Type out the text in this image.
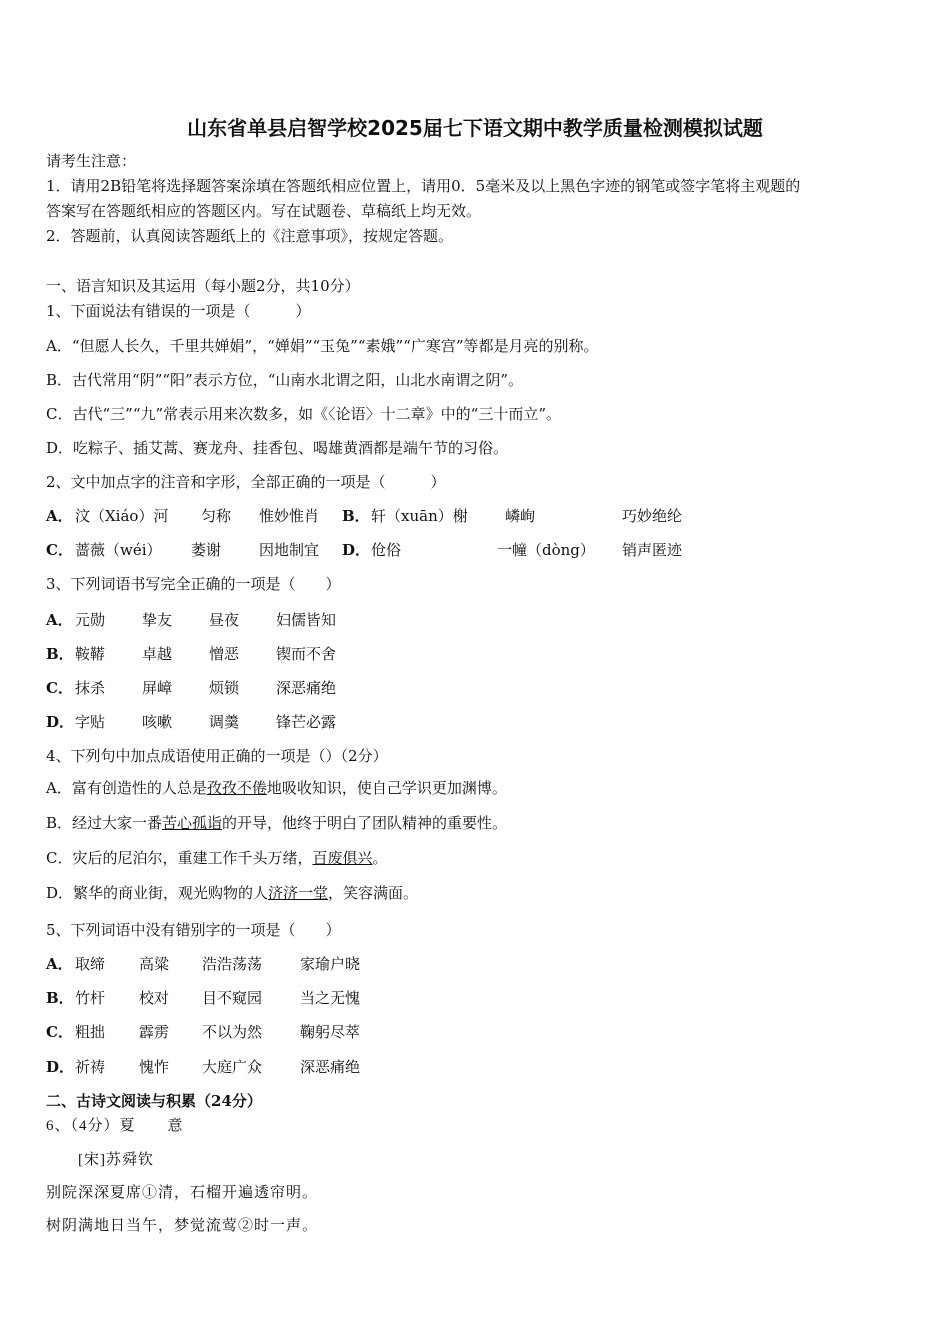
山东省单县启智学校2025届七下语文期中教学质量检测模拟试题
请考生注意：
1．请用2B铅笔将选择题答案涂填在答题纸相应位置上，请用0．5毫米及以上黑色字迹的钢笔或签字笔将主观题的
答案写在答题纸相应的答题区内。写在试题卷、草稿纸上均无效。
2．答题前，认真阅读答题纸上的《注意事项》，按规定答题。
一、语言知识及其运用（每小题2分，共10分）
1、下面说法有错误的一项是（　　　）
A．“但愿人长久，千里共婵娟”，“婵娟”“玉兔”“素娥”“广寒宫”等都是月亮的别称。
B．古代常用“阴”“阳”表示方位，“山南水北谓之阳，山北水南谓之阴”。
C．古代“三”“九”常表示用来次数多，如《〈论语〉十二章》中的“三十而立”。
D．吃粽子、插艾蒿、赛龙舟、挂香包、喝雄黄酒都是端午节的习俗。
2、文中加点字的注音和字形，全部正确的一项是（　　　）
A． 汶（Xiáo）河 匀称 惟妙惟肖 B． 轩（xuān）榭 嶙峋	巧妙绝纶
C． 蔷薇（wéi） 萎谢	因地制宜 D． 伧俗	一幢（dòng） 销声匿迹
3、下列词语书写完全正确的一项是（　　）
4、下列句中加点成语使用正确的一项是（）（2分）
A．富有创造性的人总是孜孜不倦地吸收知识，使自己学识更加渊博。
B．经过大家一番苦心孤诣的开导，他终于明白了团队精神的重要性。
C．灾后的尼泊尔，重建工作千头万绪，百废俱兴。
D．繁华的商业街，观光购物的人济济一堂，笑容满面。
5、下列词语中没有错别字的一项是（　　）
二、古诗文阅读与积累（24分）
6、（4分）夏　　意
[宋]苏舜钦
别院深深夏席①清，石榴开遍透帘明。
树阴满地日当午，梦觉流莺②时一声。
A． 元勋 挚友 昼夜 妇儒皆知
B． 鞍鞯 卓越 憎恶 锲而不舍
C． 抹杀 屏嶂 烦锁 深恶痛绝
D． 字贴 咳嗽 调羹 锋芒必露
A． 取缔 高粱 浩浩荡荡	家瑜户晓
B． 竹杆 校对 目不窥园	当之无愧
C． 粗拙 霹雳 不以为然	鞠躬尽萃
D． 祈祷 愧怍 大庭广众	深恶痛绝
